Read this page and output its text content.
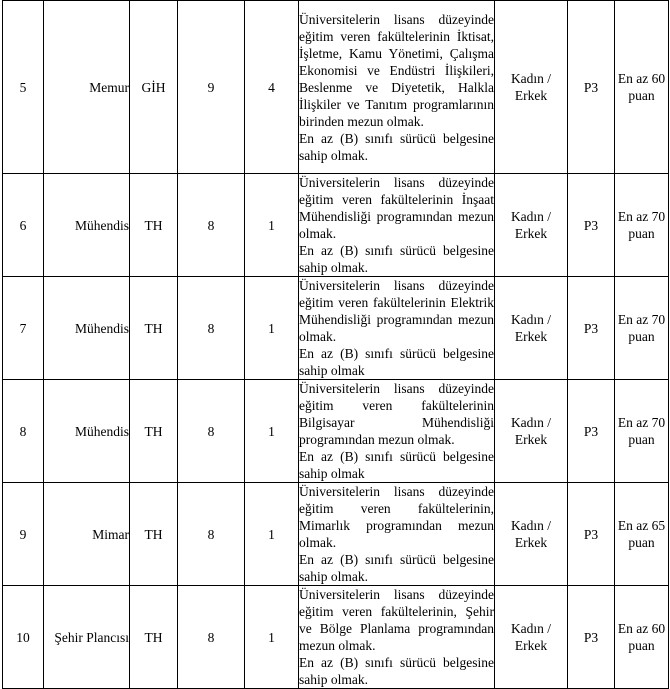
5	Memur	GİH	9	4	Üniversitelerin lisans düzeyinde eğitim veren fakültelerinin İktisat, İşletme, Kamu Yönetimi, Çalışma Ekonomisi ve Endüstri İlişkileri, Beslenme ve Diyetetik, Halkla İlişkiler ve Tanıtım programlarının birinden mezun olmak.
En az (B) sınıfı sürücü belgesine sahip olmak.	Kadın / Erkek	P3	En az 60 puan
6	Mühendis	TH	8	1	Üniversitelerin lisans düzeyinde eğitim veren fakültelerinin İnşaat Mühendisliği programından mezun olmak.
En az (B) sınıfı sürücü belgesine sahip olmak.	Kadın / Erkek	P3	En az 70 puan
7	Mühendis	TH	8	1	Üniversitelerin lisans düzeyinde eğitim veren fakültelerinin Elektrik Mühendisliği programından mezun olmak.
En az (B) sınıfı sürücü belgesine sahip olmak	Kadın / Erkek	P3	En az 70 puan
8	Mühendis	TH	8	1	Üniversitelerin lisans düzeyinde eğitim veren fakültelerinin Bilgisayar Mühendisliği programından mezun olmak.
En az (B) sınıfı sürücü belgesine sahip olmak	Kadın / Erkek	P3	En az 70 puan
9	Mimar	TH	8	1	Üniversitelerin lisans düzeyinde eğitim veren fakültelerinin, Mimarlık programından mezun olmak.
En az (B) sınıfı sürücü belgesine sahip olmak.	Kadın / Erkek	P3	En az 65 puan
10	Şehir Plancısı	TH	8	1	Üniversitelerin lisans düzeyinde eğitim veren fakültelerinin, Şehir ve Bölge Planlama programından mezun olmak.
En az (B) sınıfı sürücü belgesine sahip olmak.	Kadın / Erkek	P3	En az 60 puan
